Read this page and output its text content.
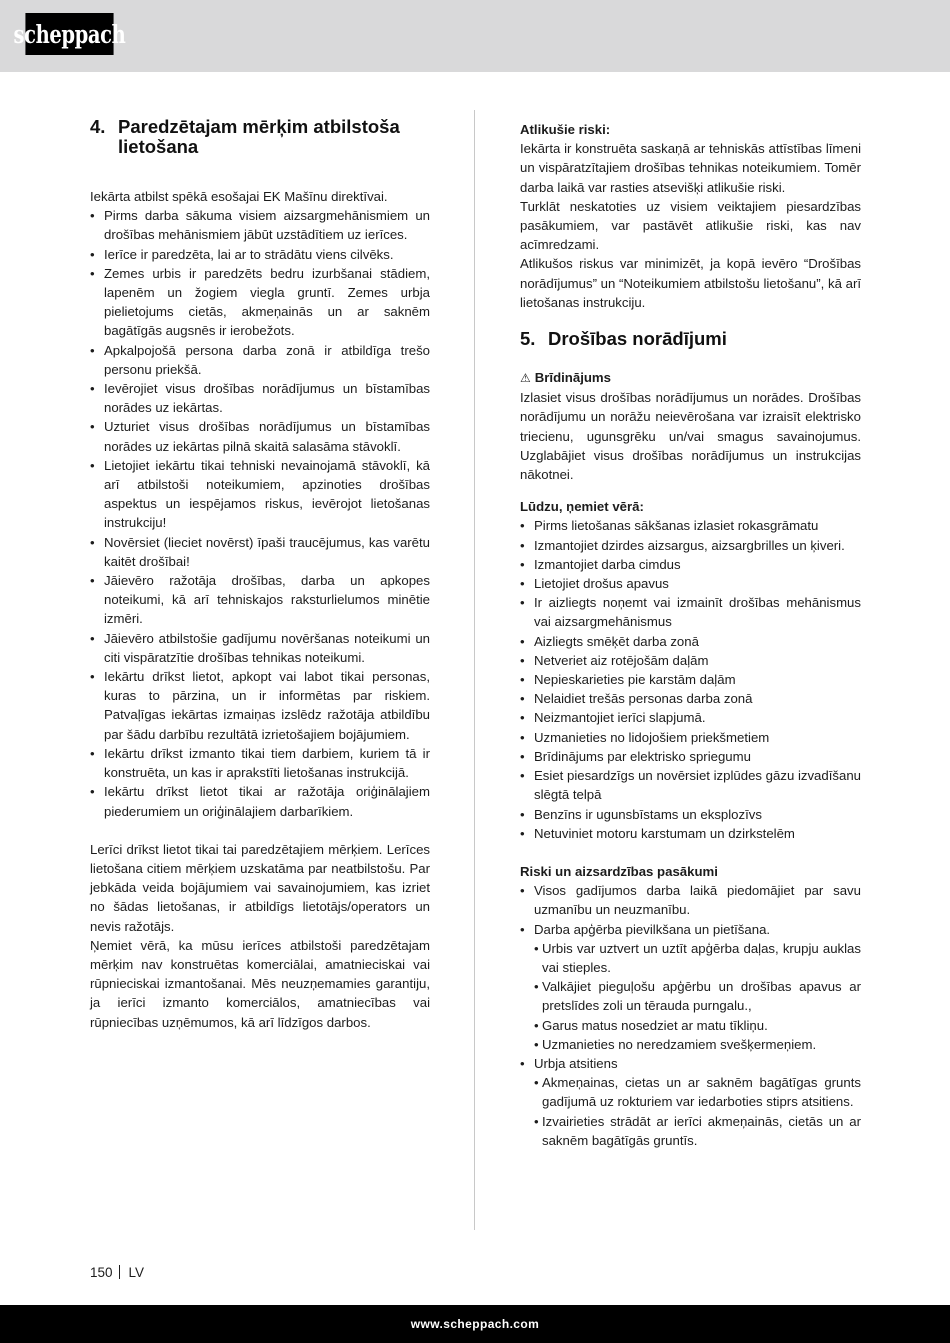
scheppach
4. Paredzētajam mērķim atbilstoša lietošana

Iekārta atbilst spēkā esošajai EK Mašīnu direktīvai.

• Pirms darba sākuma visiem aizsargmehānismiem un drošības mehānismiem jābūt uzstādītiem uz ierīces.
• Ierīce ir paredzēta, lai ar to strādātu viens cilvēks.
• Zemes urbis ir paredzēts bedru izurbšanai stādiem, lapenēm un žogiem viegla gruntī. Zemes urbja pielietojums cietās, akmeņainās un ar saknēm bagātīgās augsnēs ir ierobežots.
• Apkalpojošā persona darba zonā ir atbildīga trešo personu priekšā.
• Ievērojiet visus drošības norādījumus un bīstamības norādes uz iekārtas.
• Uzturiet visus drošības norādījumus un bīstamības norādes uz iekārtas pilnā skaitā salasāma stāvoklī.
• Lietojiet iekārtu tikai tehniski nevainojamā stāvoklī, kā arī atbilstoši noteikumiem, apzinoties drošības aspektus un iespējamos riskus, ievērojot lietošanas instrukciju!
• Novērsiet (lieciet novērst) īpaši traucējumus, kas varētu kaitēt drošībai!
• Jāievēro ražotāja drošības, darba un apkopes noteikumi, kā arī tehniskajos raksturlielumos minētie izmēri.
• Jāievēro atbilstošie gadījumu novēršanas noteikumi un citi vispāratzītie drošības tehnikas noteikumi.
• Iekārtu drīkst lietot, apkopt vai labot tikai personas, kuras to pārzina, un ir informētas par riskiem. Patvaļīgas iekārtas izmaiņas izslēdz ražotāja atbildību par šādu darbību rezultātā izrietošajiem bojājumiem.
• Iekārtu drīkst izmanto tikai tiem darbiem, kuriem tā ir konstruēta, un kas ir aprakstīti lietošanas instrukcijā.
• Iekārtu drīkst lietot tikai ar ražotāja oriģinālajiem piederumiem un oriģinālajiem darbarīkiem.

Lerīci drīkst lietot tikai tai paredzētajiem mērķiem. Lerīces lietošana citiem mērķiem uzskatāma par neatbilstošu. Par jebkāda veida bojājumiem vai savainojumiem, kas izriet no šādas lietošanas, ir atbildīgs lietotājs/operators un nevis ražotājs.

Ņemiet vērā, ka mūsu ierīces atbilstoši paredzētajam mērķim nav konstruētas komerciālai, amatnieciskai vai rūpnieciskai izmantošanai. Mēs neuzņemamies garantiju, ja ierīci izmanto komerciālos, amatniecības vai rūpniecības uzņēmumos, kā arī līdzīgos darbos.

Atlikušie riski:

Iekārta ir konstruēta saskaņā ar tehniskās attīstības līmeni un vispāratzītajiem drošības tehnikas noteikumiem. Tomēr darba laikā var rasties atsevišķi atlikušie riski.

Turklāt neskatoties uz visiem veiktajiem piesardzības pasākumiem, var pastāvēt atlikušie riski, kas nav acīmredzami.

Atlikušos riskus var minimizēt, ja kopā ievēro “Drošības norādījumus” un “Noteikumiem atbilstošu lietošanu”, kā arī lietošanas instrukciju.

5. Drošības norādījumi

⚠ Brīdinājums

Izlasiet visus drošības norādījumus un norādes. Drošības norādījumu un norāžu neievērošana var izraisīt elektrisko triecienu, ugunsgrēku un/vai smagus savainojumus. Uzglabājiet visus drošības norādījumus un instrukcijas nākotnei.

Lūdzu, ņemiet vērā:

• Pirms lietošanas sākšanas izlasiet rokasgrāmatu
• Izmantojiet dzirdes aizsargus, aizsargbrilles un ķiveri.
• Izmantojiet darba cimdus
• Lietojiet drošus apavus
• Ir aizliegts noņemt vai izmainīt drošības mehānismus vai aizsargmehānismus
• Aizliegts smēķēt darba zonā
• Netveriet aiz rotējošām daļām
• Nepieskarieties pie karstām daļām
• Nelaidiet trešās personas darba zonā
• Neizmantojiet ierīci slapjumā.
• Uzmanieties no lidojošiem priekšmetiem
• Brīdinājums par elektrisko spriegumu
• Esiet piesardzīgs un novērsiet izplūdes gāzu izvadīšanu slēgtā telpā
• Benzīns ir ugunsbīstams un eksplozīvs
• Netuviniet motoru karstumam un dzirkstelēm

Riski un aizsardzības pasākumi

• Visos gadījumos darba laikā piedomājiet par savu uzmanību un neuzmanību.
• Darba apģērba pievilkšana un pietīšana.
• Urbis var uztvert un uztīt apģērba daļas, krupju auklas vai stieples.
• Valkājiet pieguļošu apģērbu un drošības apavus ar pretslīdes zoli un tērauda purngalu.,
• Garus matus nosedziet ar matu tīkliņu.
• Uzmanieties no neredzamiem svešķermeņiem.
• Urbja atsitiens
• Akmeņainas, cietas un ar saknēm bagātīgas grunts gadījumā uz rokturiem var iedarboties stiprs atsitiens.
• Izvairieties strādāt ar ierīci akmeņainās, cietās un ar saknēm bagātīgās gruntīs.
150 LV
www.scheppach.com
